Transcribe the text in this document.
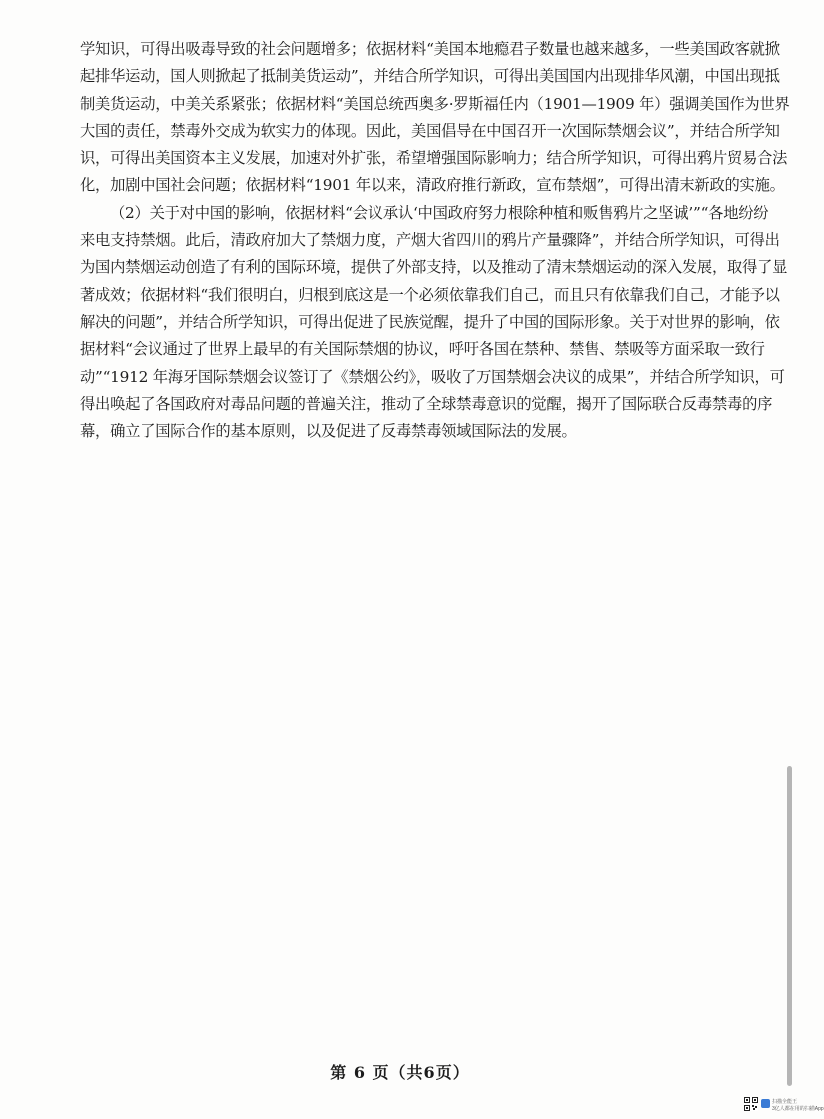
学知识，可得出吸毒导致的社会问题增多；依据材料“美国本地瘾君子数量也越来越多，一些美国政客就掀
起排华运动，国人则掀起了抵制美货运动”，并结合所学知识，可得出美国国内出现排华风潮，中国出现抵
制美货运动，中美关系紧张；依据材料“美国总统西奥多·罗斯福任内（1901—1909 年）强调美国作为世界
大国的责任，禁毒外交成为软实力的体现。因此，美国倡导在中国召开一次国际禁烟会议”，并结合所学知
识，可得出美国资本主义发展，加速对外扩张，希望增强国际影响力；结合所学知识，可得出鸦片贸易合法
化，加剧中国社会问题；依据材料“1901 年以来，清政府推行新政，宣布禁烟”，可得出清末新政的实施。
（2）关于对中国的影响，依据材料“会议承认‘中国政府努力根除种植和贩售鸦片之坚诚’”“各地纷纷
来电支持禁烟。此后，清政府加大了禁烟力度，产烟大省四川的鸦片产量骤降”，并结合所学知识，可得出
为国内禁烟运动创造了有利的国际环境，提供了外部支持，以及推动了清末禁烟运动的深入发展，取得了显
著成效；依据材料“我们很明白，归根到底这是一个必须依靠我们自己，而且只有依靠我们自己，才能予以
解决的问题”，并结合所学知识，可得出促进了民族觉醒，提升了中国的国际形象。关于对世界的影响，依
据材料“会议通过了世界上最早的有关国际禁烟的协议，呼吁各国在禁种、禁售、禁吸等方面采取一致行
动”“1912 年海牙国际禁烟会议签订了《禁烟公约》，吸收了万国禁烟会决议的成果”，并结合所学知识，可
得出唤起了各国政府对毒品问题的普遍关注，推动了全球禁毒意识的觉醒，揭开了国际联合反毒禁毒的序
幕，确立了国际合作的基本原则，以及促进了反毒禁毒领域国际法的发展。
第 6 页（共6页）
扫描全能王
3亿人都在用的扫描App
